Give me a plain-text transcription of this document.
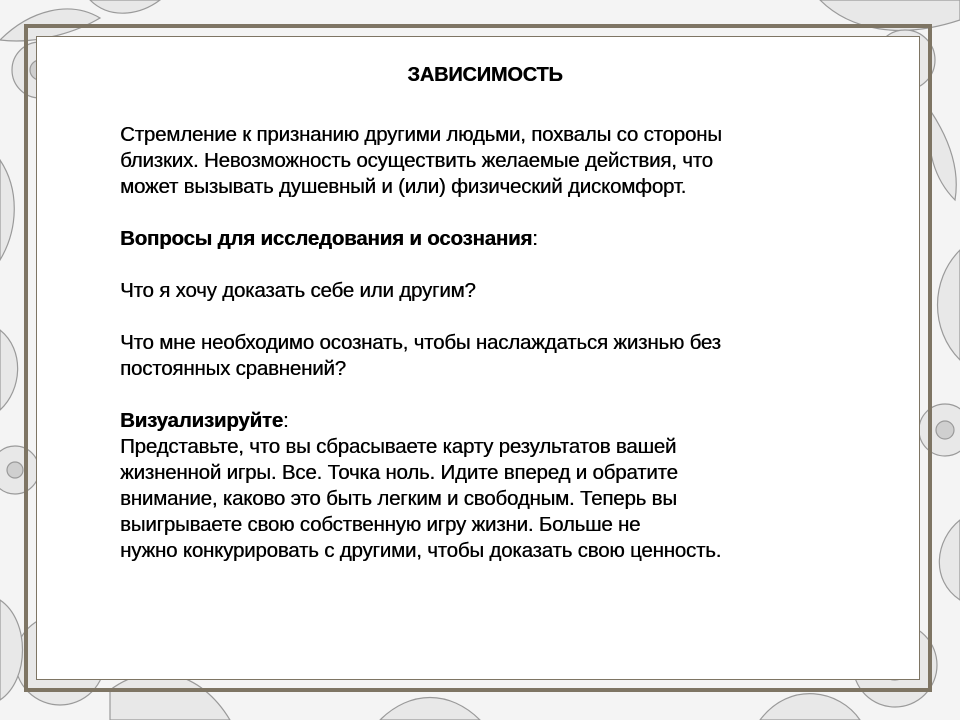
ЗАВИСИМОСТЬ
Стремление к признанию другими людьми, похвалы со стороны
близких. Невозможность осуществить желаемые действия, что
может вызывать душевный и (или) физический дискомфорт.
Вопросы для исследования и осознания:
Что я хочу доказать себе или другим?
Что мне необходимо осознать, чтобы наслаждаться жизнью без
постоянных сравнений?
Визуализируйте:
Представьте, что вы сбрасываете карту результатов вашей
жизненной игры. Все. Точка ноль. Идите вперед и обратите
внимание, каково это быть легким и свободным. Теперь вы
выигрываете свою собственную игру жизни. Больше не
нужно конкурировать с другими, чтобы доказать свою ценность.
